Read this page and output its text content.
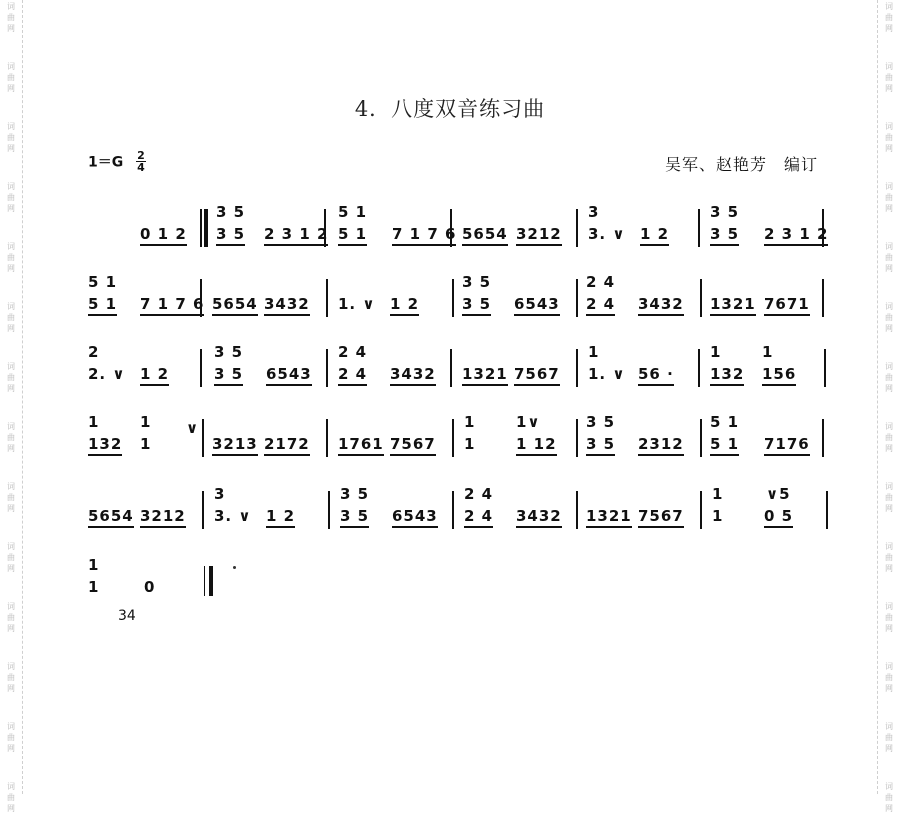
词
曲
网
词
曲
网
词
曲
网
词
曲
网
词
曲
网
词
曲
网
词
曲
网
词
曲
网
词
曲
网
词
曲
网
词
曲
网
词
曲
网
词
曲
网
词
曲
网
词
曲
网
词
曲
网
词
曲
网
词
曲
网
词
曲
网
词
曲
网
词
曲
网
词
曲
网
词
曲
网
词
曲
网
词
曲
网
词
曲
网
词
曲
网
词
曲
网
4．八度双音练习曲
$1=G \frac{2}{4}$	吴军、赵艳芳　编订
3 5	5 1	3	3 5
0 1 2 3 5 2 3 1 2 5 1 7 1 7 6 5654 3212 3. ∨ 1 2	3 5 2 3 1 2
5 1	3 5	2 4
5 1 7 1 7 6 5654 3432 1. ∨ 1 2	3 5 6543 2 4 3432 1321 7671
2	3 5	2 4	1	1	1
2. ∨ 1 2	3 5 6543 2 4 3432 1321 7567 1. ∨ 56 · 132 156
1	1 ∨	1	1∨	3 5	5 1
132 1	3213 2172 1761 7567 1	1 12 3 5 2312 5 1 7176
3	3 5	2 4	1	∨5
5654 3212 3. ∨ 1 2	3 5 6543 2 4 3432 1321 7567 1	0 5
1
1	0
34
